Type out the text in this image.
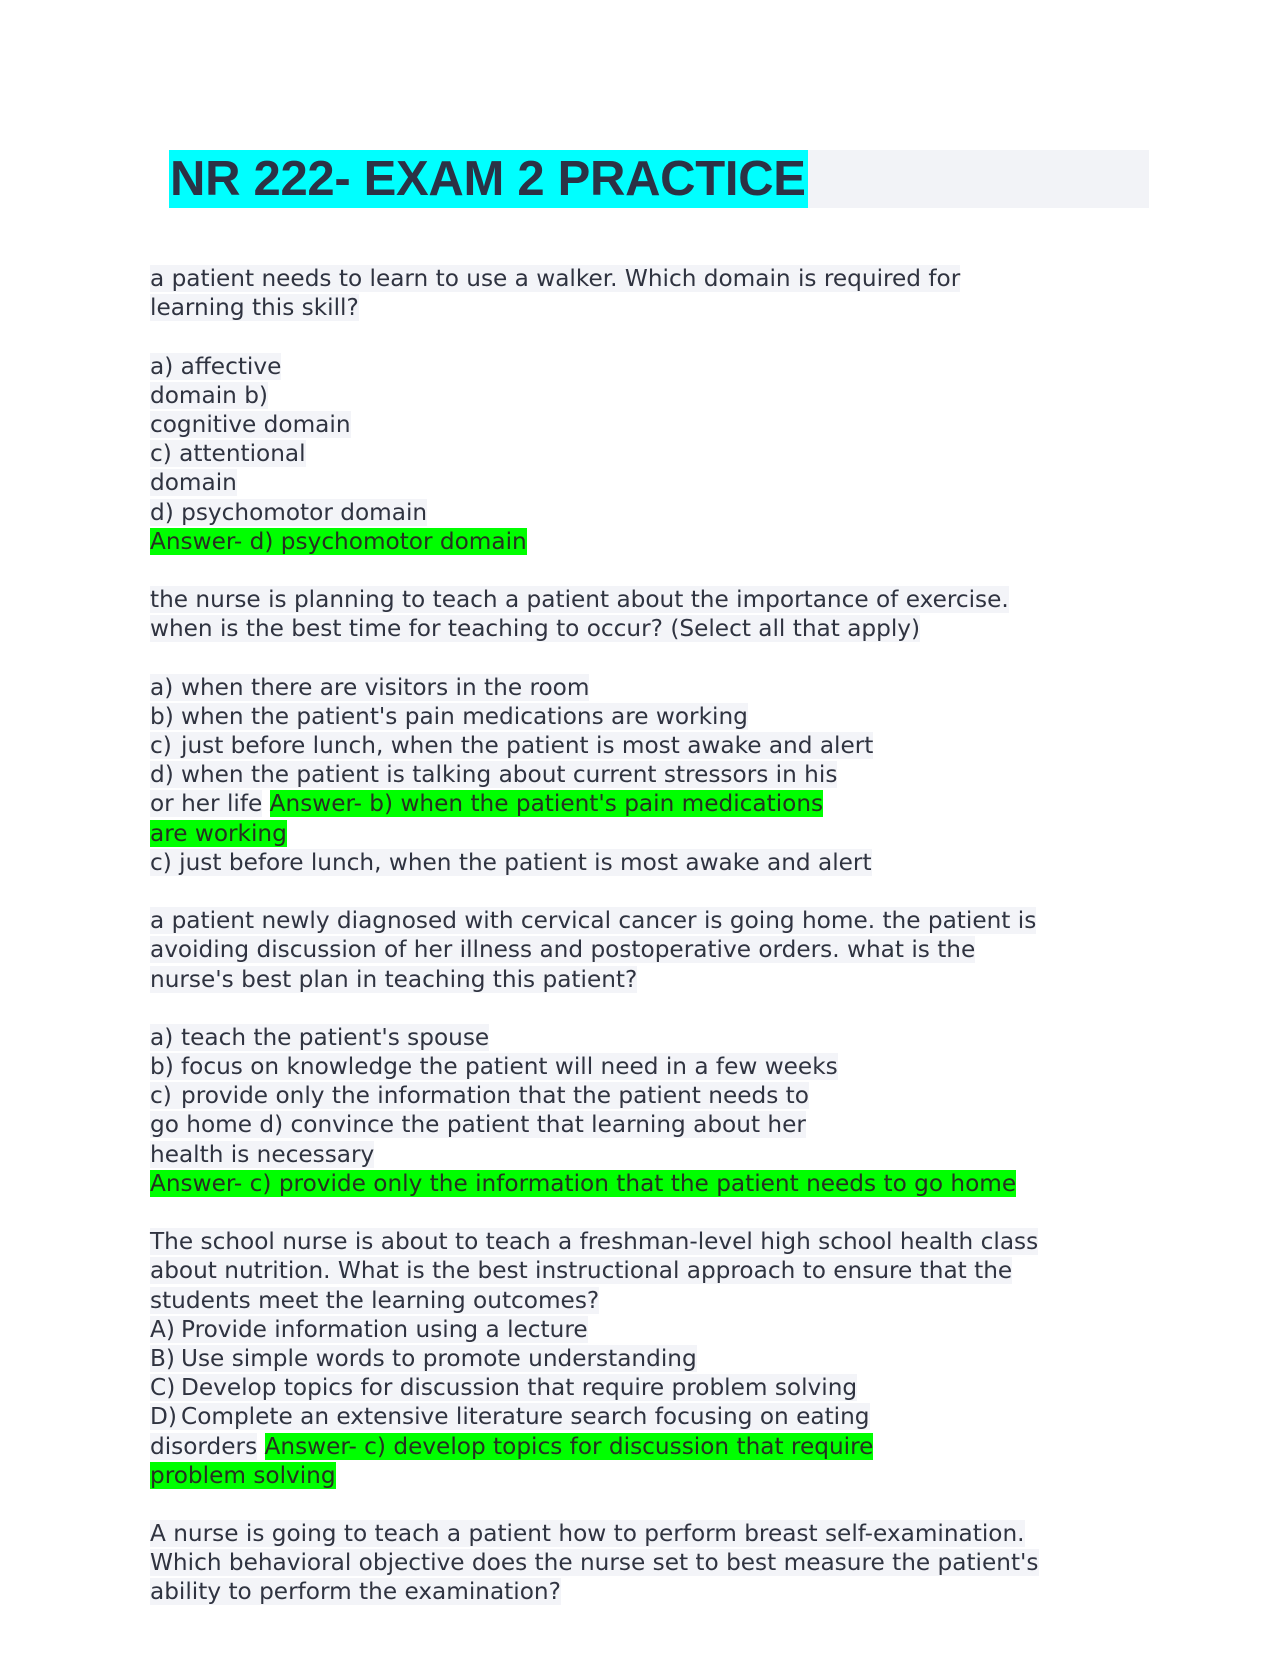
NR 222- EXAM 2 PRACTICE
a patient needs to learn to use a walker. Which domain is required for
learning this skill?
a) affective
domain b)
cognitive domain
c) attentional
domain
d) psychomotor domain
Answer- d) psychomotor domain
the nurse is planning to teach a patient about the importance of exercise.
when is the best time for teaching to occur? (Select all that apply)
a) when there are visitors in the room
b) when the patient's pain medications are working
c) just before lunch, when the patient is most awake and alert
d) when the patient is talking about current stressors in his
or her life Answer- b) when the patient's pain medications
are working
c) just before lunch, when the patient is most awake and alert
a patient newly diagnosed with cervical cancer is going home. the patient is
avoiding discussion of her illness and postoperative orders. what is the
nurse's best plan in teaching this patient?
a) teach the patient's spouse
b) focus on knowledge the patient will need in a few weeks
c) provide only the information that the patient needs to
go home d) convince the patient that learning about her
health is necessary
Answer- c) provide only the information that the patient needs to go home
The school nurse is about to teach a freshman-level high school health class
about nutrition. What is the best instructional approach to ensure that the
students meet the learning outcomes?
A) Provide information using a lecture
B) Use simple words to promote understanding
C) Develop topics for discussion that require problem solving
D) Complete an extensive literature search focusing on eating
disorders Answer- c) develop topics for discussion that require
problem solving
A nurse is going to teach a patient how to perform breast self-examination.
Which behavioral objective does the nurse set to best measure the patient's
ability to perform the examination?
